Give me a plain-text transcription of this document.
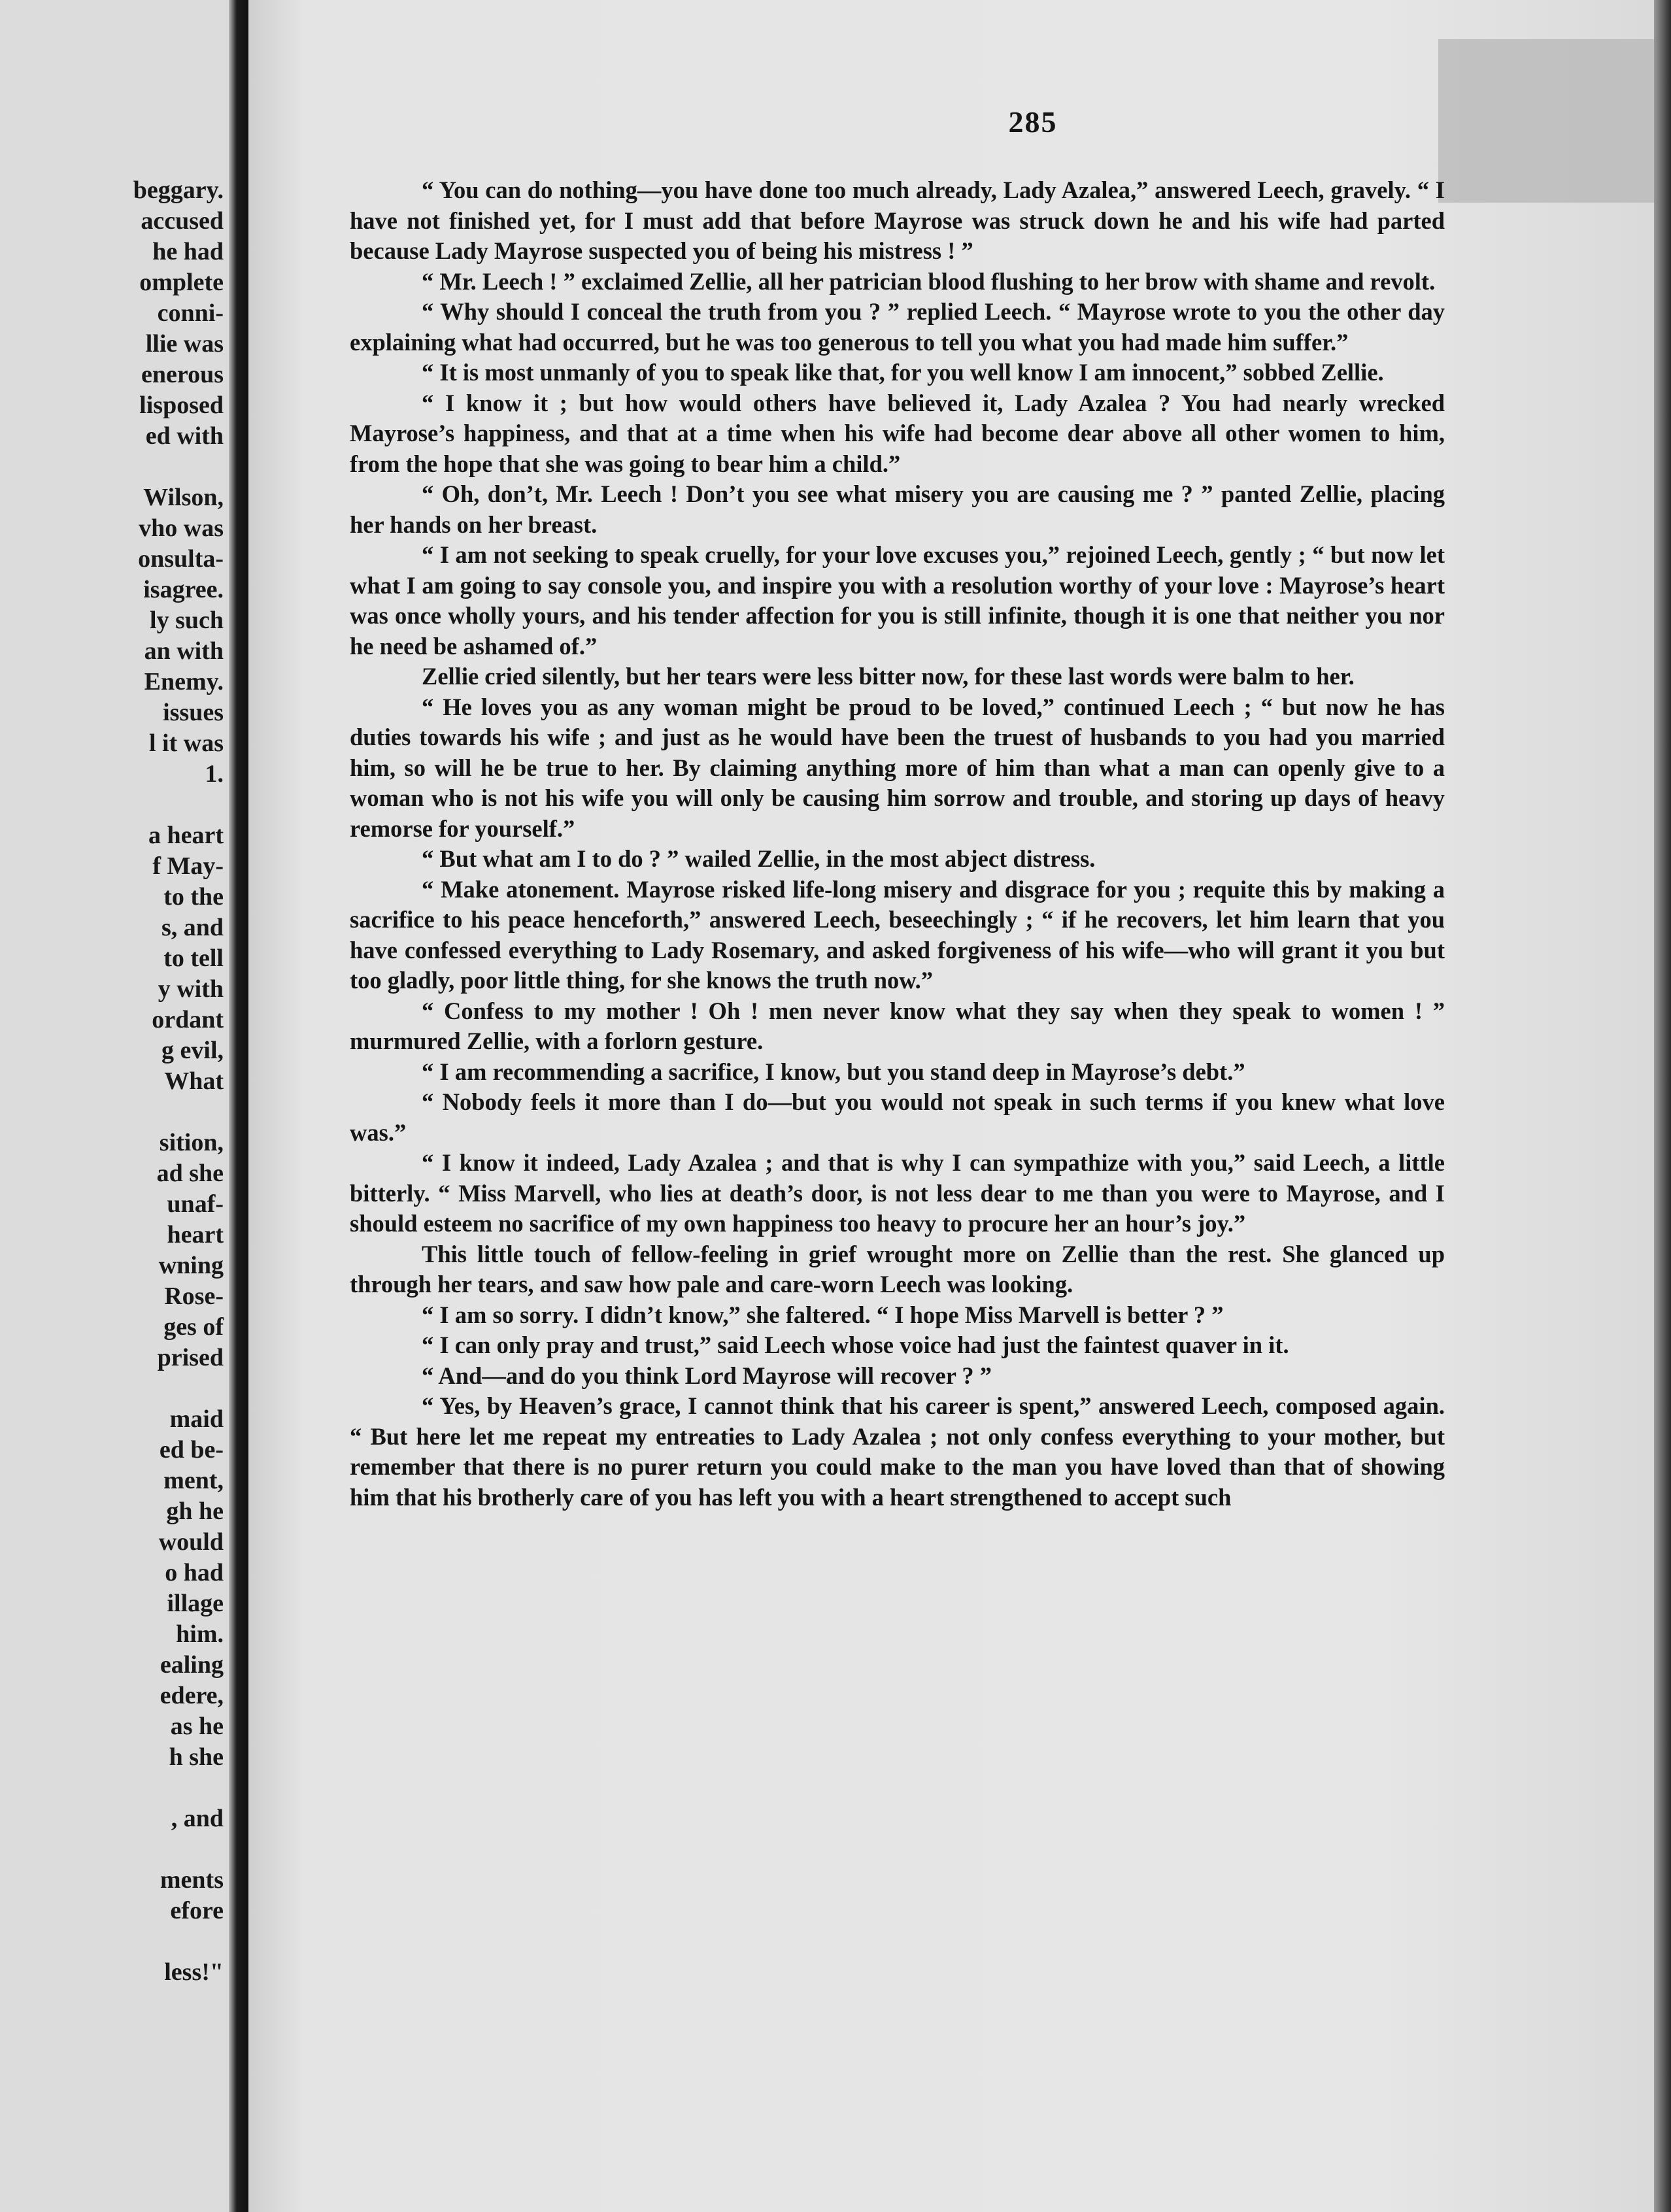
beggary.
accused
he had
omplete
conni-
llie was
enerous
lisposed
ed with
Wilson,
vho was
onsulta-
isagree.
ly such
an with
Enemy.
issues
l it was
1.
a heart
f May-
to the
s, and
to tell
y with
ordant
g evil,
What
sition,
ad she
unaf-
heart
wning
Rose-
ges of
prised
maid
ed be-
ment,
gh he
would
o had
illage
him.
ealing
edere,
as he
h she
, and
ments
efore
less!"
285

“ You can do nothing—you have done too much already, Lady Azalea,” answered Leech, gravely. “ I have not finished yet, for I must add that before Mayrose was struck down he and his wife had parted because Lady Mayrose suspected you of being his mistress ! ”

“ Mr. Leech ! ” exclaimed Zellie, all her patrician blood flushing to her brow with shame and revolt.

“ Why should I conceal the truth from you ? ” replied Leech. “ Mayrose wrote to you the other day explaining what had occurred, but he was too generous to tell you what you had made him suffer.”

“ It is most unmanly of you to speak like that, for you well know I am innocent,” sobbed Zellie.

“ I know it ; but how would others have believed it, Lady Azalea ? You had nearly wrecked Mayrose’s happiness, and that at a time when his wife had become dear above all other women to him, from the hope that she was going to bear him a child.”

“ Oh, don’t, Mr. Leech ! Don’t you see what misery you are causing me ? ” panted Zellie, placing her hands on her breast.

“ I am not seeking to speak cruelly, for your love excuses you,” rejoined Leech, gently ; “ but now let what I am going to say console you, and inspire you with a resolution worthy of your love : Mayrose’s heart was once wholly yours, and his tender affection for you is still infinite, though it is one that neither you nor he need be ashamed of.”

Zellie cried silently, but her tears were less bitter now, for these last words were balm to her.

“ He loves you as any woman might be proud to be loved,” continued Leech ; “ but now he has duties towards his wife ; and just as he would have been the truest of husbands to you had you married him, so will he be true to her. By claiming anything more of him than what a man can openly give to a woman who is not his wife you will only be causing him sorrow and trouble, and storing up days of heavy remorse for yourself.”

“ But what am I to do ? ” wailed Zellie, in the most abject distress.

“ Make atonement. Mayrose risked life-long misery and disgrace for you ; requite this by making a sacrifice to his peace henceforth,” answered Leech, beseechingly ; “ if he recovers, let him learn that you have confessed everything to Lady Rosemary, and asked forgiveness of his wife—who will grant it you but too gladly, poor little thing, for she knows the truth now.”

“ Confess to my mother ! Oh ! men never know what they say when they speak to women ! ” murmured Zellie, with a forlorn gesture.

“ I am recommending a sacrifice, I know, but you stand deep in Mayrose’s debt.”

“ Nobody feels it more than I do—but you would not speak in such terms if you knew what love was.”

“ I know it indeed, Lady Azalea ; and that is why I can sympathize with you,” said Leech, a little bitterly. “ Miss Marvell, who lies at death’s door, is not less dear to me than you were to Mayrose, and I should esteem no sacrifice of my own happiness too heavy to procure her an hour’s joy.”

This little touch of fellow-feeling in grief wrought more on Zellie than the rest. She glanced up through her tears, and saw how pale and care-worn Leech was looking.

“ I am so sorry. I didn’t know,” she faltered. “ I hope Miss Marvell is better ? ”

“ I can only pray and trust,” said Leech whose voice had just the faintest quaver in it.

“ And—and do you think Lord Mayrose will recover ? ”

“ Yes, by Heaven’s grace, I cannot think that his career is spent,” answered Leech, composed again. “ But here let me repeat my entreaties to Lady Azalea ; not only confess everything to your mother, but remember that there is no purer return you could make to the man you have loved than that of showing him that his brotherly care of you has left you with a heart strengthened to accept such
